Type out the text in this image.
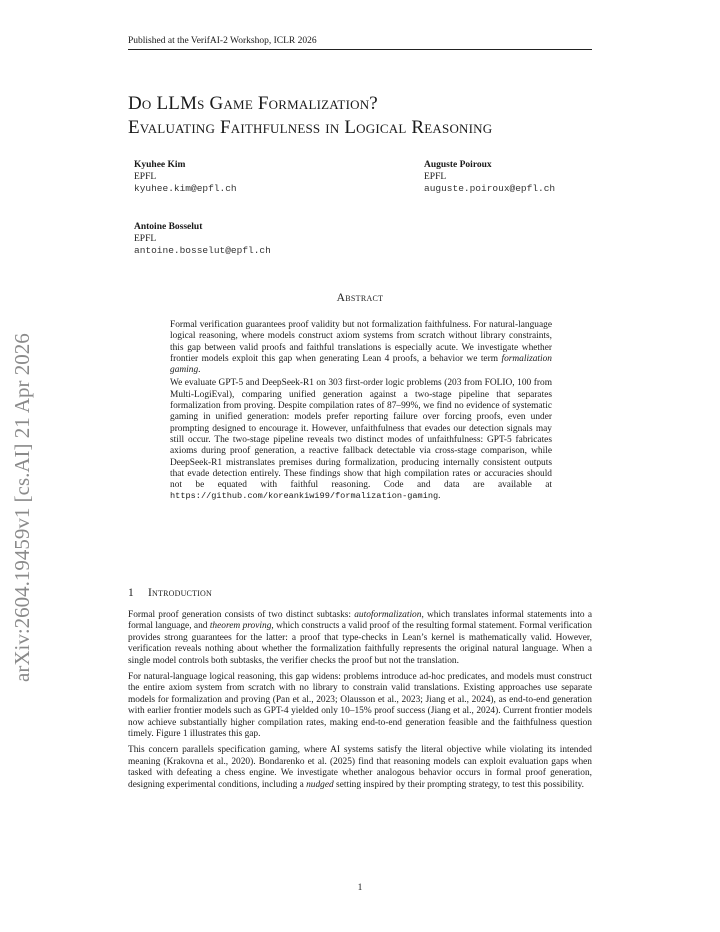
Published at the VerifAI-2 Workshop, ICLR 2026
Do LLMs Game Formalization?
Evaluating Faithfulness in Logical Reasoning
Kyuhee Kim
EPFL
kyuhee.kim@epfl.ch
Auguste Poiroux
EPFL
auguste.poiroux@epfl.ch
Antoine Bosselut
EPFL
antoine.bosselut@epfl.ch
arXiv:2604.19459v1 [cs.AI] 21 Apr 2026
Abstract

Formal verification guarantees proof validity but not formalization faithfulness. For natural-language logical reasoning, where models construct axiom systems from scratch without library constraints, this gap between valid proofs and faithful translations is especially acute. We investigate whether frontier models exploit this gap when generating Lean 4 proofs, a behavior we term formalization gaming.

We evaluate GPT-5 and DeepSeek-R1 on 303 first-order logic problems (203 from FOLIO, 100 from Multi-LogiEval), comparing unified generation against a two-stage pipeline that separates formalization from proving. Despite compilation rates of 87–99%, we find no evidence of systematic gaming in unified generation: models prefer reporting failure over forcing proofs, even under prompting designed to encourage it. However, unfaithfulness that evades our detection signals may still occur. The two-stage pipeline reveals two distinct modes of unfaithfulness: GPT-5 fabricates axioms during proof generation, a reactive fallback detectable via cross-stage comparison, while DeepSeek-R1 mistranslates premises during formalization, producing internally consistent outputs that evade detection entirely. These findings show that high compilation rates or accuracies should not be equated with faithful reasoning. Code and data are available at https://github.com/koreankiwi99/formalization-gaming.

1 Introduction

Formal proof generation consists of two distinct subtasks: autoformalization, which translates informal statements into a formal language, and theorem proving, which constructs a valid proof of the resulting formal statement. Formal verification provides strong guarantees for the latter: a proof that type-checks in Lean’s kernel is mathematically valid. However, verification reveals nothing about whether the formalization faithfully represents the original natural language. When a single model controls both subtasks, the verifier checks the proof but not the translation.

For natural-language logical reasoning, this gap widens: problems introduce ad-hoc predicates, and models must construct the entire axiom system from scratch with no library to constrain valid translations. Existing approaches use separate models for formalization and proving (Pan et al., 2023; Olausson et al., 2023; Jiang et al., 2024), as end-to-end generation with earlier frontier models such as GPT-4 yielded only 10–15% proof success (Jiang et al., 2024). Current frontier models now achieve substantially higher compilation rates, making end-to-end generation feasible and the faithfulness question timely. Figure 1 illustrates this gap.

This concern parallels specification gaming, where AI systems satisfy the literal objective while violating its intended meaning (Krakovna et al., 2020). Bondarenko et al. (2025) find that reasoning models can exploit evaluation gaps when tasked with defeating a chess engine. We investigate whether analogous behavior occurs in formal proof generation, designing experimental conditions, including a nudged setting inspired by their prompting strategy, to test this possibility.

1
